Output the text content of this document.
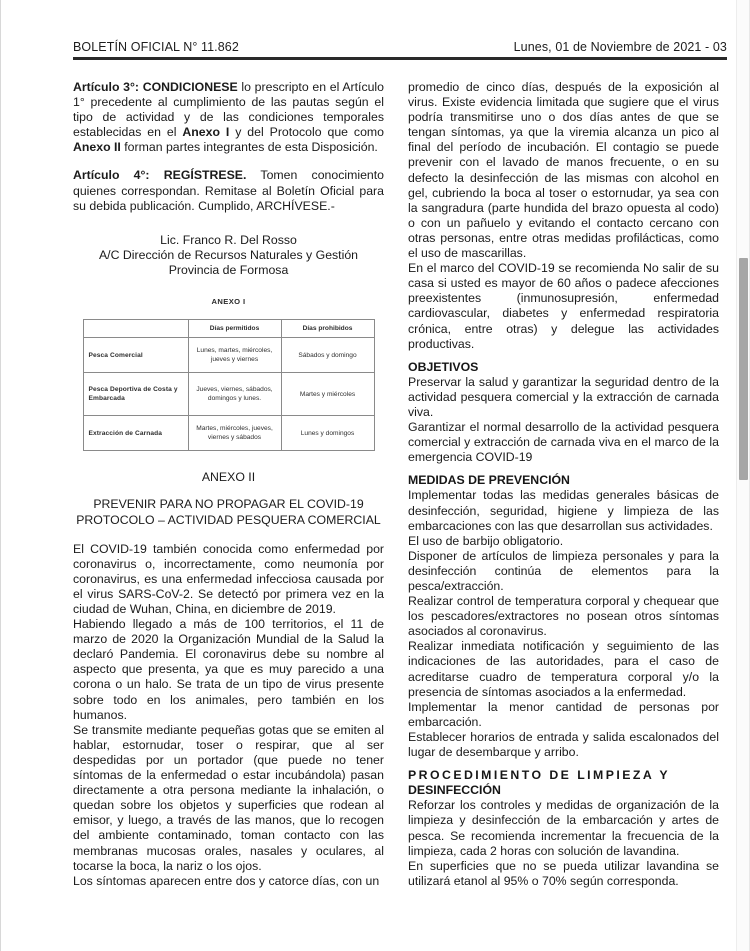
BOLETÍN OFICIAL N° 11.862	Lunes, 01 de Noviembre de 2021 - 03

Artículo 3°: CONDICIONESE lo prescripto en el Artículo 1° precedente al cumplimiento de las pautas según el tipo de actividad y de las condiciones temporales establecidas en el Anexo I y del Protocolo que como Anexo II forman partes integrantes de esta Disposición.

Artículo 4°: REGÍSTRESE. Tomen conocimiento quienes correspondan. Remitase al Boletín Oficial para su debida publicación. Cumplido, ARCHÍVESE.-

Lic. Franco R. Del Rosso
A/C Dirección de Recursos Naturales y Gestión
Provincia de Formosa
ANEXO I
	Días permitidos	Días prohibidos
Pesca Comercial	Lunes, martes, miércoles, jueves y viernes	Sábados y domingo
Pesca Deportiva de Costa y Embarcada	Jueves, viernes, sábados, domingos y lunes.	Martes y miércoles
Extracción de Carnada	Martes, miércoles, jueves, viernes y sábados	Lunes y domingos
ANEXO II
PREVENIR PARA NO PROPAGAR EL COVID-19
PROTOCOLO – ACTIVIDAD PESQUERA COMERCIAL

El COVID-19 también conocida como enfermedad por coronavirus o, incorrectamente, como neumonía por coronavirus, es una enfermedad infecciosa causada por el virus SARS-CoV-2. Se detectó por primera vez en la ciudad de Wuhan, China, en diciembre de 2019.

Habiendo llegado a más de 100 territorios, el 11 de marzo de 2020 la Organización Mundial de la Salud la declaró Pandemia. El coronavirus debe su nombre al aspecto que presenta, ya que es muy parecido a una corona o un halo. Se trata de un tipo de virus presente sobre todo en los animales, pero también en los humanos.

Se transmite mediante pequeñas gotas que se emiten al hablar, estornudar, toser o respirar, que al ser despedidas por un portador (que puede no tener síntomas de la enfermedad o estar incubándola) pasan directamente a otra persona mediante la inhalación, o quedan sobre los objetos y superficies que rodean al emisor, y luego, a través de las manos, que lo recogen del ambiente contaminado, toman contacto con las membranas mucosas orales, nasales y oculares, al tocarse la boca, la nariz o los ojos.

Los síntomas aparecen entre dos y catorce días, con un

promedio de cinco días, después de la exposición al virus. Existe evidencia limitada que sugiere que el virus podría transmitirse uno o dos días antes de que se tengan síntomas, ya que la viremia alcanza un pico al final del período de incubación. El contagio se puede prevenir con el lavado de manos frecuente, o en su defecto la desinfección de las mismas con alcohol en gel, cubriendo la boca al toser o estornudar, ya sea con la sangradura (parte hundida del brazo opuesta al codo) o con un pañuelo y evitando el contacto cercano con otras personas, entre otras medidas profilácticas, como el uso de mascarillas.

En el marco del COVID-19 se recomienda No salir de su casa si usted es mayor de 60 años o padece afecciones preexistentes (inmunosupresión, enfermedad cardiovascular, diabetes y enfermedad respiratoria crónica, entre otras) y delegue las actividades productivas.

OBJETIVOS

Preservar la salud y garantizar la seguridad dentro de la actividad pesquera comercial y la extracción de carnada viva.

Garantizar el normal desarrollo de la actividad pesquera comercial y extracción de carnada viva en el marco de la emergencia COVID-19

MEDIDAS DE PREVENCIÓN

Implementar todas las medidas generales básicas de desinfección, seguridad, higiene y limpieza de las embarcaciones con las que desarrollan sus actividades.

El uso de barbijo obligatorio.

Disponer de artículos de limpieza personales y para la desinfección continúa de elementos para la pesca/extracción.

Realizar control de temperatura corporal y chequear que los pescadores/extractores no posean otros síntomas asociados al coronavirus.

Realizar inmediata notificación y seguimiento de las indicaciones de las autoridades, para el caso de acreditarse cuadro de temperatura corporal y/o la presencia de síntomas asociados a la enfermedad.

Implementar la menor cantidad de personas por embarcación.

Establecer horarios de entrada y salida escalonados del lugar de desembarque y arribo.

PROCEDIMIENTO DE LIMPIEZA Y
DESINFECCIÓN

Reforzar los controles y medidas de organización de la limpieza y desinfección de la embarcación y artes de pesca. Se recomienda incrementar la frecuencia de la limpieza, cada 2 horas con solución de lavandina.

En superficies que no se pueda utilizar lavandina se utilizará etanol al 95% o 70% según corresponda.
